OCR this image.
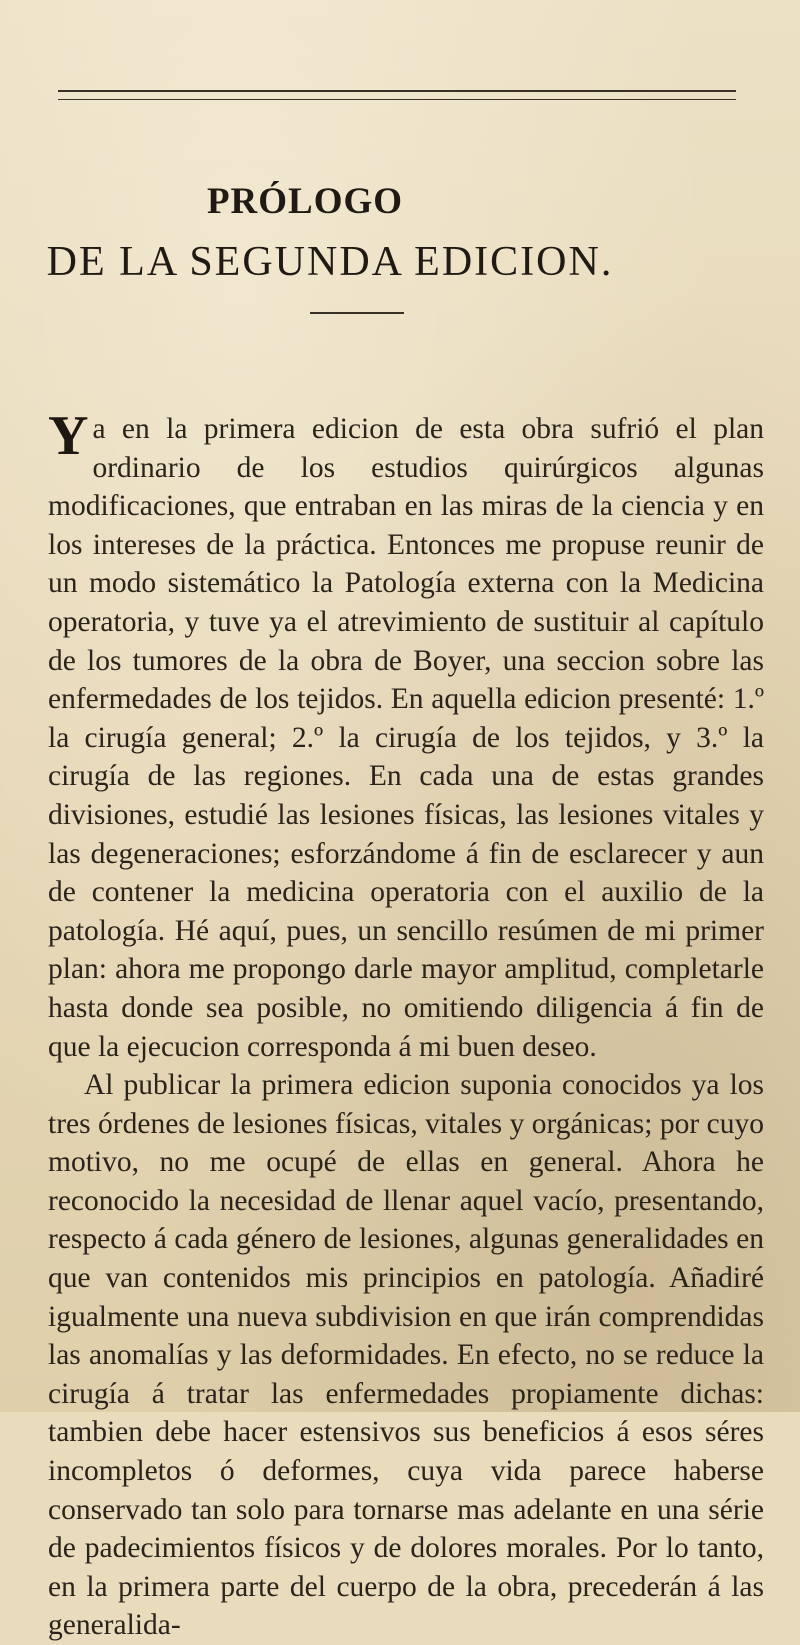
PRÓLOGO
DE LA SEGUNDA EDICION.

Ya en la primera edicion de esta obra sufrió el plan ordinario de los estudios quirúrgicos algunas modificaciones, que entraban en las miras de la ciencia y en los intereses de la práctica. Entonces me propuse reunir de un modo sistemático la Patología externa con la Medicina operatoria, y tuve ya el atrevimiento de sustituir al capítulo de los tumores de la obra de Boyer, una seccion sobre las enfermedades de los tejidos. En aquella edicion presenté: 1.º la cirugía general; 2.º la cirugía de los tejidos, y 3.º la cirugía de las regiones. En cada una de estas grandes divisiones, estudié las lesiones físicas, las lesiones vitales y las degeneraciones; esforzándome á fin de esclarecer y aun de contener la medicina operatoria con el auxilio de la patología. Hé aquí, pues, un sencillo resúmen de mi primer plan: ahora me propongo darle mayor amplitud, completarle hasta donde sea posible, no omitiendo diligencia á fin de que la ejecucion corresponda á mi buen deseo.

Al publicar la primera edicion suponia conocidos ya los tres órdenes de lesiones físicas, vitales y orgánicas; por cuyo motivo, no me ocupé de ellas en general. Ahora he reconocido la necesidad de llenar aquel vacío, presentando, respecto á cada género de lesiones, algunas generalidades en que van contenidos mis principios en patología. Añadiré igualmente una nueva subdivision en que irán comprendidas las anomalías y las deformidades. En efecto, no se reduce la cirugía á tratar las enfermedades propiamente dichas: tambien debe hacer estensivos sus beneficios á esos séres incompletos ó deformes, cuya vida parece haberse conservado tan solo para tornarse mas adelante en una série de padecimientos físicos y de dolores morales. Por lo tanto, en la primera parte del cuerpo de la obra, precederán á las generalida-
